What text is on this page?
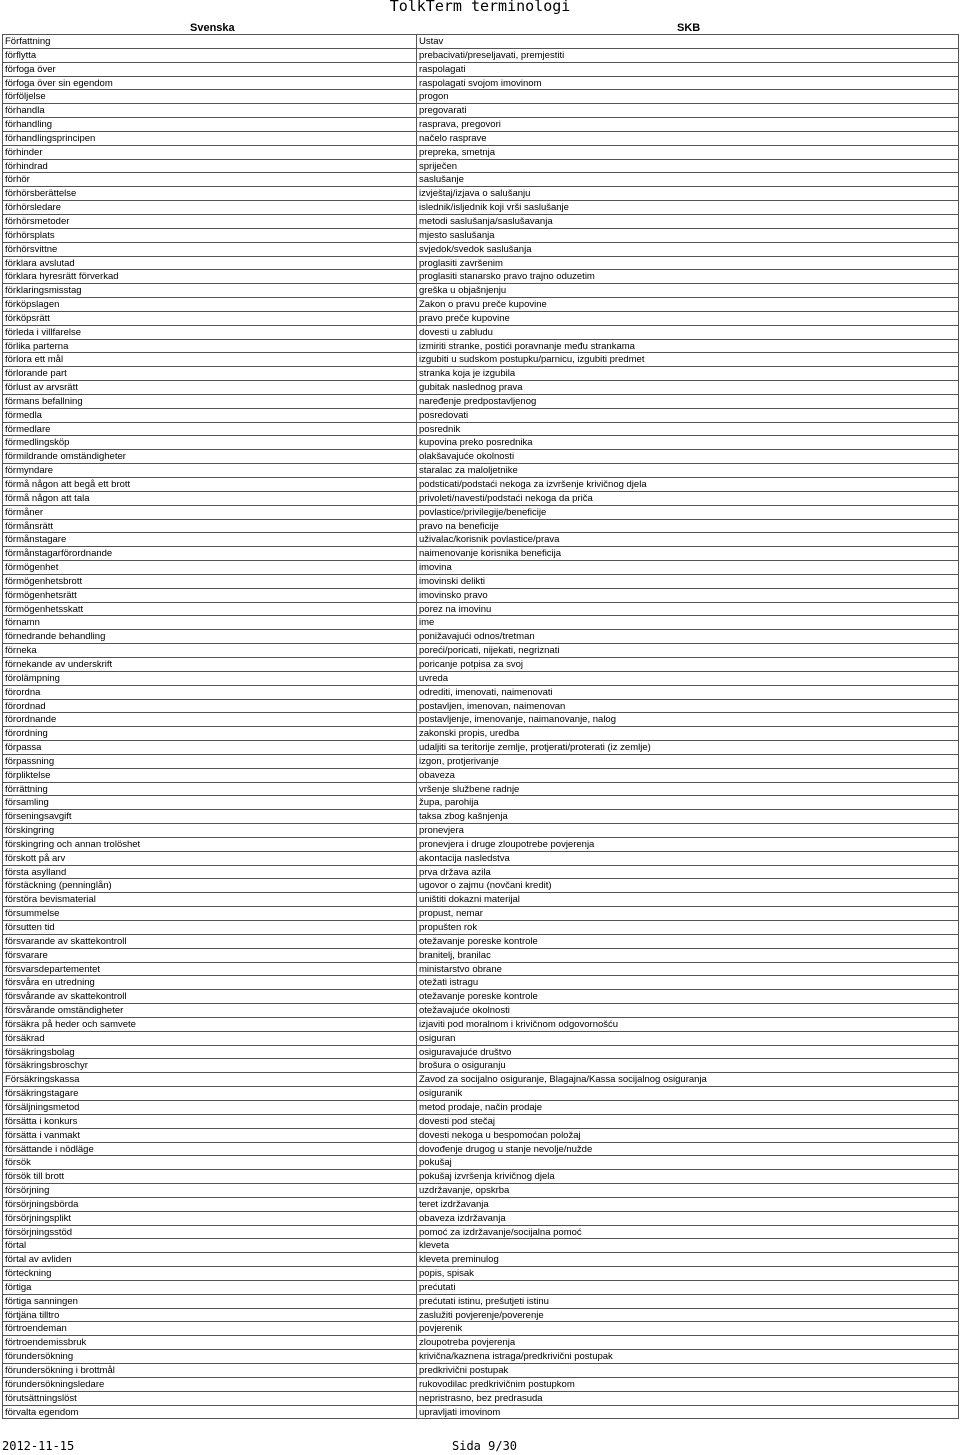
TolkTerm terminologi
Svenska	SKB
Författning	Ustav
förflytta	prebacivati/preseljavati, premjestiti
förfoga över	raspolagati
förfoga över sin egendom	raspolagati svojom imovinom
förföljelse	progon
förhandla	pregovarati
förhandling	rasprava, pregovori
förhandlingsprincipen	načelo rasprave
förhinder	prepreka, smetnja
förhindrad	spriječen
förhör	saslušanje
förhörsberättelse	izvještaj/izjava o salušanju
förhörsledare	islednik/isljednik koji vrši saslušanje
förhörsmetoder	metodi saslušanja/saslušavanja
förhörsplats	mjesto saslušanja
förhörsvittne	svjedok/svedok saslušanja
förklara avslutad	proglasiti završenim
förklara hyresrätt förverkad	proglasiti stanarsko pravo trajno oduzetim
förklaringsmisstag	greška u objašnjenju
förköpslagen	Zakon o pravu preče kupovine
förköpsrätt	pravo preče kupovine
förleda i villfarelse	dovesti u zabludu
förlika parterna	izmiriti stranke, postići poravnanje među strankama
förlora ett mål	izgubiti u sudskom postupku/parnicu, izgubiti predmet
förlorande part	stranka koja je izgubila
förlust av arvsrätt	gubitak naslednog prava
förmans befallning	naređenje predpostavljenog
förmedla	posredovati
förmedlare	posrednik
förmedlingsköp	kupovina preko posrednika
förmildrande omständigheter	olakšavajuće okolnosti
förmyndare	staralac za maloljetnike
förmå någon att begå ett brott	podsticati/podstaći nekoga za izvršenje krivičnog djela
förmå någon att tala	privoleti/navesti/podstaći nekoga da priča
förmåner	povlastice/privilegije/beneficije
förmånsrätt	pravo na beneficije
förmånstagare	uživalac/korisnik povlastice/prava
förmånstagarförordnande	naimenovanje korisnika beneficija
förmögenhet	imovina
förmögenhetsbrott	imovinski delikti
förmögenhetsrätt	imovinsko pravo
förmögenhetsskatt	porez na imovinu
förnamn	ime
förnedrande behandling	ponižavajući odnos/tretman
förneka	poreći/poricati, nijekati, negriznati
förnekande av underskrift	poricanje potpisa za svoj
förolämpning	uvreda
förordna	odrediti, imenovati, naimenovati
förordnad	postavljen, imenovan, naimenovan
förordnande	postavljenje, imenovanje, naimanovanje, nalog
förordning	zakonski propis, uredba
förpassa	udaljiti sa teritorije zemlje, protjerati/proterati (iz zemlje)
förpassning	izgon, protjerivanje
förpliktelse	obaveza
förrättning	vršenje službene radnje
församling	župa, parohija
förseningsavgift	taksa zbog kašnjenja
förskingring	pronevjera
förskingring och annan trolöshet	pronevjera i druge zloupotrebe povjerenja
förskott på arv	akontacija nasledstva
första asylland	prva država azila
förstäckning (penninglån)	ugovor o zajmu (novčani kredit)
förstöra bevismaterial	uništiti dokazni materijal
försummelse	propust, nemar
försutten tid	propušten rok
försvarande av skattekontroll	otežavanje poreske kontrole
försvarare	branitelj, branilac
försvarsdepartementet	ministarstvo obrane
försvåra en utredning	otežati istragu
försvårande av skattekontroll	otežavanje poreske kontrole
försvårande omständigheter	otežavajuće okolnosti
försäkra på heder och samvete	izjaviti pod moralnom i krivičnom odgovornošću
försäkrad	osiguran
försäkringsbolag	osiguravajuće društvo
försäkringsbroschyr	brošura o osiguranju
Försäkringskassa	Zavod za socijalno osiguranje, Blagajna/Kassa socijalnog osiguranja
försäkringstagare	osiguranik
försäljningsmetod	metod prodaje, način prodaje
försätta i konkurs	dovesti pod stečaj
försätta i vanmakt	dovesti nekoga u bespomoćan položaj
försättande i nödläge	dovođenje drugog u stanje nevolje/nužde
försök	pokušaj
försök till brott	pokušaj izvršenja krivičnog djela
försörjning	uzdržavanje, opskrba
försörjningsbörda	teret izdržavanja
försörjningsplikt	obaveza izdržavanja
försörjningsstöd	pomoć za izdržavanje/socijalna pomoć
förtal	kleveta
förtal av avliden	kleveta preminulog
förteckning	popis, spisak
förtiga	prećutati
förtiga sanningen	prećutati istinu, prešutjeti istinu
förtjäna tilltro	zaslužiti povjerenje/poverenje
förtroendeman	povjerenik
förtroendemissbruk	zloupotreba povjerenja
förundersökning	krivična/kaznena istraga/predkrivični postupak
förundersökning i brottmål	predkrivični postupak
förundersökningsledare	rukovodilac predkrivičnim postupkom
förutsättningslöst	nepristrasno, bez predrasuda
förvalta egendom	upravljati imovinom
2012-11-15	Sida 9/30
